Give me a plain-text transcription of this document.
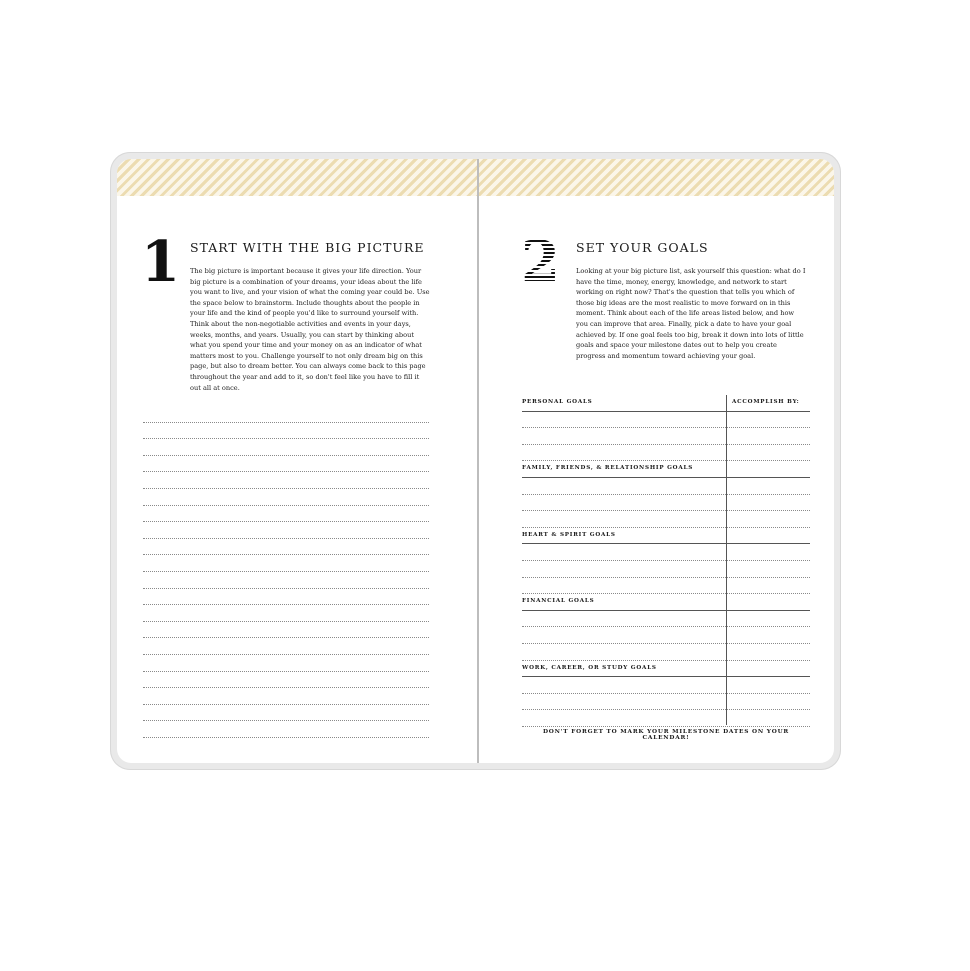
1 START WITH THE BIG PICTURE
The big picture is important because it gives your life direction. Your big picture is a combination of your dreams, your ideas about the life you want to live, and your vision of what the coming year could be. Use the space below to brainstorm. Include thoughts about the people in your life and the kind of people you'd like to surround yourself with. Think about the non-negotiable activities and events in your days, weeks, months, and years. Usually, you can start by thinking about what you spend your time and your money on as an indicator of what matters most to you. Challenge yourself to not only dream big on this page, but also to dream better. You can always come back to this page throughout the year and add to it, so don't feel like you have to fill it out all at once.
2	SET YOUR GOALS
Looking at your big picture list, ask yourself this question: what do I have the time, money, energy, knowledge, and network to start working on right now? That's the question that tells you which of those big ideas are the most realistic to move forward on in this moment. Think about each of the life areas listed below, and how you can improve that area. Finally, pick a date to have your goal achieved by. If one goal feels too big, break it down into lots of little goals and space your milestone dates out to help you create progress and momentum toward achieving your goal.
ACCOMPLISH BY:
PERSONAL GOALS
FAMILY, FRIENDS, & RELATIONSHIP GOALS
HEART & SPIRIT GOALS
FINANCIAL GOALS
WORK, CAREER, OR STUDY GOALS
DON'T FORGET TO MARK YOUR MILESTONE DATES ON YOUR CALENDAR!
